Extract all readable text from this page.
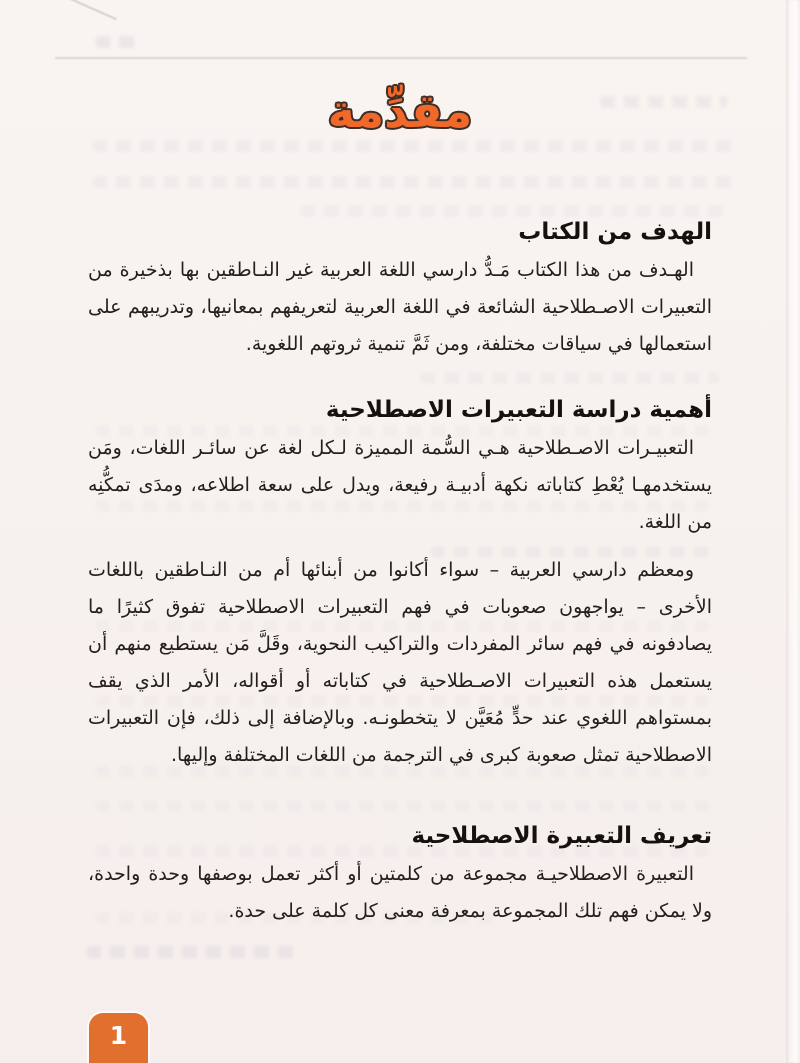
مقدِّمة
الهدف من الكتاب

الهـدف من هذا الكتاب مَـدُّ دارسي اللغة العربية غير النـاطقين بها بذخيرة من التعبيرات الاصـطلاحية الشائعة في اللغة العربية لتعريفهم بمعانيها، وتدريبهم على استعمالها في سياقات مختلفة، ومن ثَمَّ تنمية ثروتهم اللغوية.

أهمية دراسة التعبيرات الاصطلاحية

التعبيـرات الاصـطلاحية هـي السُّمة المميزة لـكل لغة عن سائـر اللغات، ومَن يستخدمهـا يُعْطِ كتاباته نكهة أدبيـة رفيعة، ويدل على سعة اطلاعه، ومدَى تمكُّنِه من اللغة.

ومعظم دارسي العربية – سواء أكانوا من أبنائها أم من النـاطقين باللغات الأخرى – يواجهون صعوبات في فهم التعبيرات الاصطلاحية تفوق كثيرًا ما يصادفونه في فهم سائر المفردات والتراكيب النحوية، وقَلَّ مَن يستطيع منهم أن يستعمل هذه التعبيرات الاصـطلاحية في كتاباته أو أقواله، الأمر الذي يقف بمستواهم اللغوي عند حدٍّ مُعَيَّن لا يتخطونـه. وبالإضافة إلى ذلك، فإن التعبيرات الاصطلاحية تمثل صعوبة كبرى في الترجمة من اللغات المختلفة وإليها.

تعريف التعبيرة الاصطلاحية

التعبيرة الاصطلاحيـة مجموعة من كلمتين أو أكثر تعمل بوصفها وحدة واحدة، ولا يمكن فهم تلك المجموعة بمعرفة معنى كل كلمة على حدة.

1
